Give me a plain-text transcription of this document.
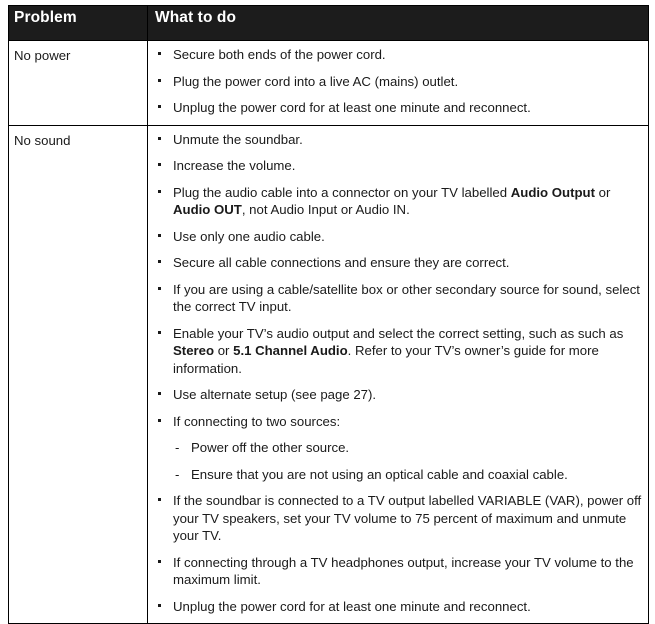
Problem	What to do
No power	Secure both ends of the power cord.
Plug the power cord into a live AC (mains) outlet.
Unplug the power cord for at least one minute and reconnect.

No sound	Unmute the soundbar.
Increase the volume.
Plug the audio cable into a connector on your TV labelled Audio Output or Audio OUT, not Audio Input or Audio IN.
Use only one audio cable.
Secure all cable connections and ensure they are correct.
If you are using a cable/satellite box or other secondary source for sound, select the correct TV input.
Enable your TV’s audio output and select the correct setting, such as such as Stereo or 5.1 Channel Audio. Refer to your TV’s owner’s guide for more information.
Use alternate setup (see page 27).
If connecting to two sources:
- Power off the other source.
- Ensure that you are not using an optical cable and coaxial cable.
If the soundbar is connected to a TV output labelled VARIABLE (VAR), power off your TV speakers, set your TV volume to 75 percent of maximum and unmute your TV.
If connecting through a TV headphones output, increase your TV volume to the maximum limit.
Unplug the power cord for at least one minute and reconnect.
